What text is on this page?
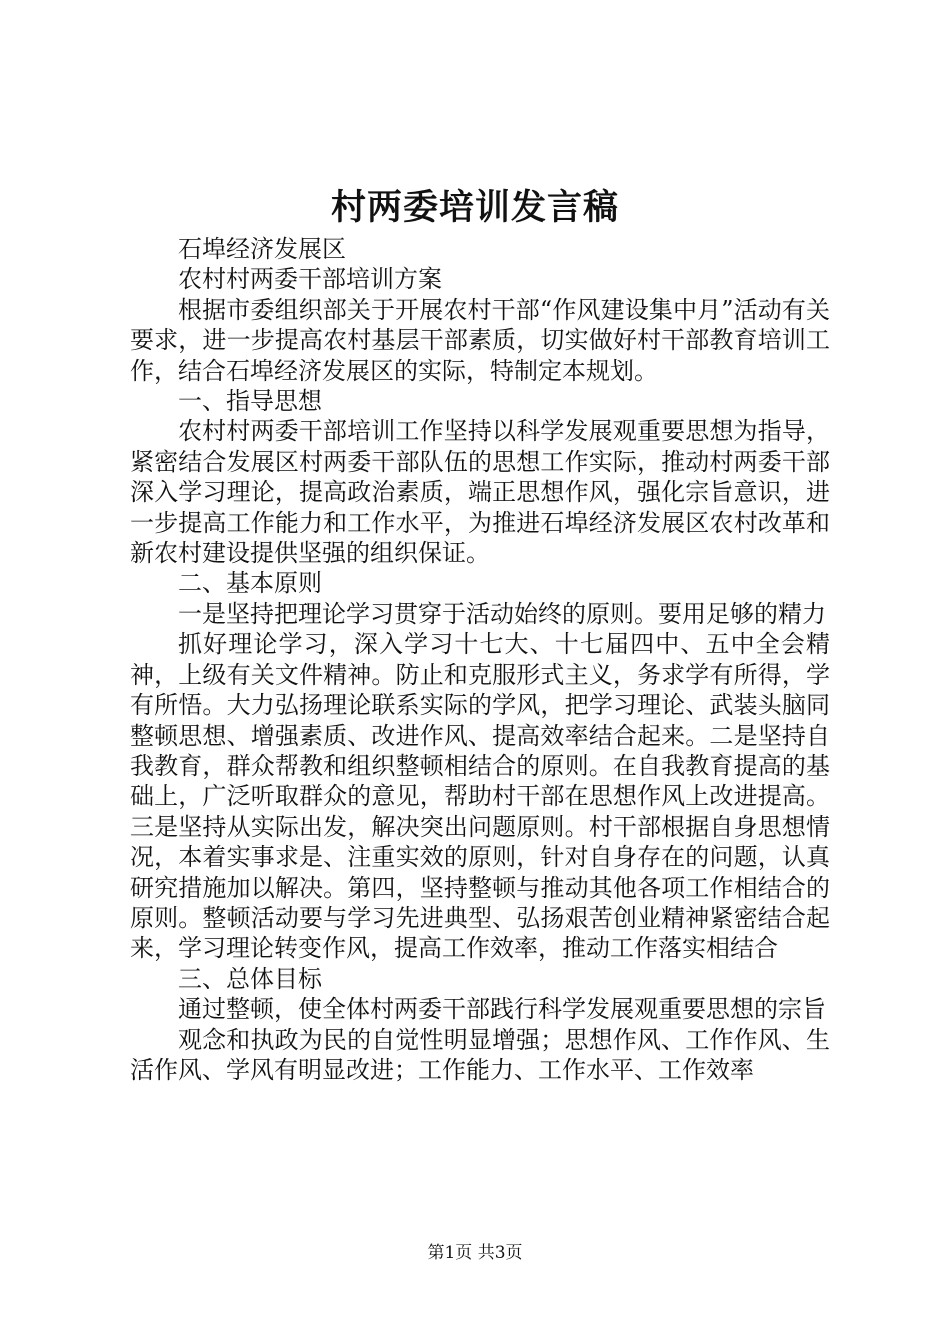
村两委培训发言稿

石埠经济发展区

农村村两委干部培训方案

根据市委组织部关于开展农村干部“作风建设集中月”活动有关要求，进一步提高农村基层干部素质，切实做好村干部教育培训工作，结合石埠经济发展区的实际，特制定本规划。

一、指导思想

农村村两委干部培训工作坚持以科学发展观重要思想为指导，紧密结合发展区村两委干部队伍的思想工作实际，推动村两委干部深入学习理论，提高政治素质，端正思想作风，强化宗旨意识，进一步提高工作能力和工作水平，为推进石埠经济发展区农村改革和新农村建设提供坚强的组织保证。

二、基本原则

一是坚持把理论学习贯穿于活动始终的原则。要用足够的精力

抓好理论学习，深入学习十七大、十七届四中、五中全会精神，上级有关文件精神。防止和克服形式主义，务求学有所得，学有所悟。大力弘扬理论联系实际的学风，把学习理论、武装头脑同整顿思想、增强素质、改进作风、提高效率结合起来。二是坚持自我教育，群众帮教和组织整顿相结合的原则。在自我教育提高的基础上，广泛听取群众的意见，帮助村干部在思想作风上改进提高。三是坚持从实际出发，解决突出问题原则。村干部根据自身思想情况，本着实事求是、注重实效的原则，针对自身存在的问题，认真研究措施加以解决。第四，坚持整顿与推动其他各项工作相结合的原则。整顿活动要与学习先进典型、弘扬艰苦创业精神紧密结合起来，学习理论转变作风，提高工作效率，推动工作落实相结合

三、总体目标

通过整顿，使全体村两委干部践行科学发展观重要思想的宗旨

观念和执政为民的自觉性明显增强；思想作风、工作作风、生活作风、学风有明显改进；工作能力、工作水平、工作效率

第1页 共3页
